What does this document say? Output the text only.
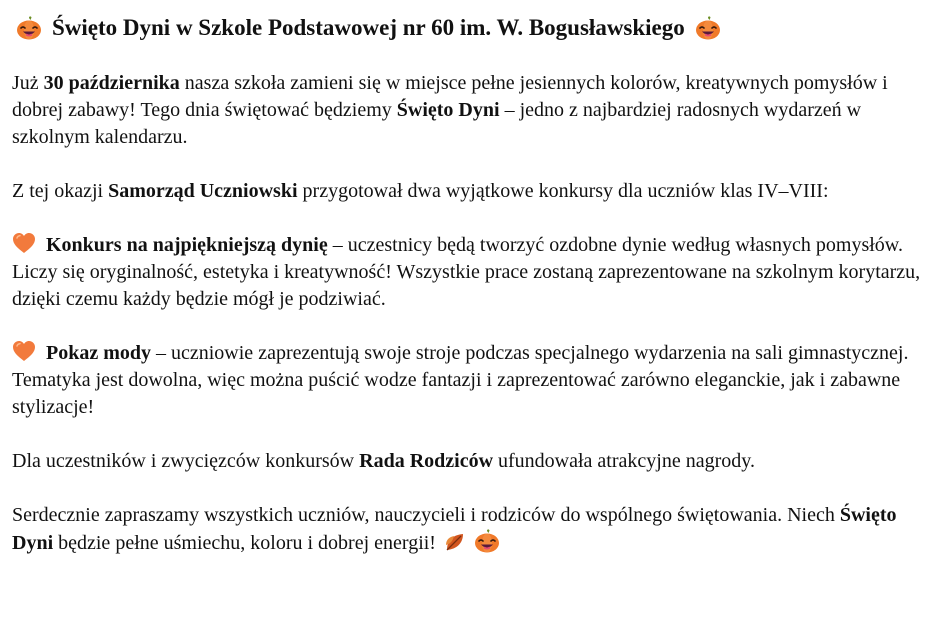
Święto Dyni w Szkole Podstawowej nr 60 im. W. Bogusławskiego

Już 30 października nasza szkoła zamieni się w miejsce pełne jesiennych kolorów, kreatywnych pomysłów i dobrej zabawy! Tego dnia świętować będziemy Święto Dyni – jedno z najbardziej radosnych wydarzeń w szkolnym kalendarzu.

Z tej okazji Samorząd Uczniowski przygotował dwa wyjątkowe konkursy dla uczniów klas IV–VIII:

Konkurs na najpiękniejszą dynię – uczestnicy będą tworzyć ozdobne dynie według własnych pomysłów. Liczy się oryginalność, estetyka i kreatywność! Wszystkie prace zostaną zaprezentowane na szkolnym korytarzu, dzięki czemu każdy będzie mógł je podziwiać.

Pokaz mody – uczniowie zaprezentują swoje stroje podczas specjalnego wydarzenia na sali gimnastycznej. Tematyka jest dowolna, więc można puścić wodze fantazji i zaprezentować zarówno eleganckie, jak i zabawne stylizacje!

Dla uczestników i zwycięzców konkursów Rada Rodziców ufundowała atrakcyjne nagrody.

Serdecznie zapraszamy wszystkich uczniów, nauczycieli i rodziców do wspólnego świętowania. Niech Święto Dyni będzie pełne uśmiechu, koloru i dobrej energii!
